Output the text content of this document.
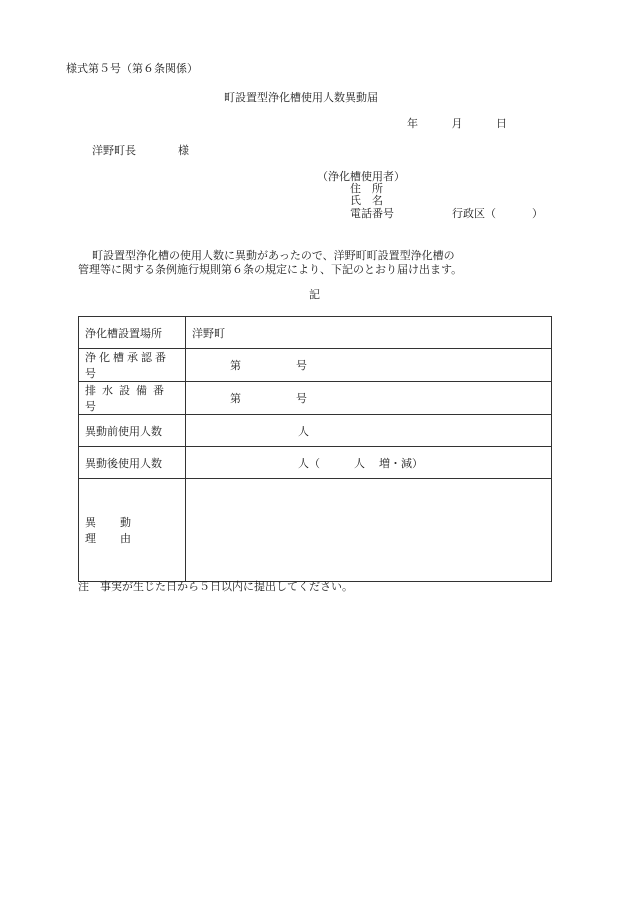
様式第５号（第６条関係）
町設置型浄化槽使用人数異動届
年	月	日
洋野町長	様
（浄化槽使用者）
住　所
氏　名
電話番号	行政区（	）

町設置型浄化槽の使用人数に異動があったので、洋野町町設置型浄化槽の

管理等に関する条例施行規則第６条の規定により、下記のとおり届け出ます。

記
浄化槽設置場所	洋野町
浄化槽承認番号	第 号
排水設備番号	第 号
異動前使用人数	人
異動後使用人数	人（ 人 増・減）
異動理由	
注　事実が生じた日から５日以内に提出してください。
